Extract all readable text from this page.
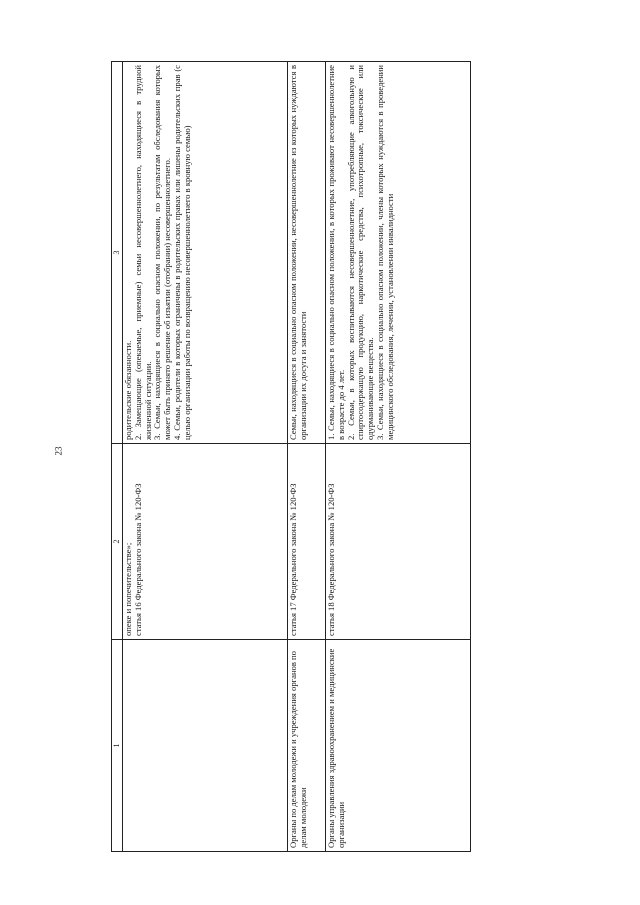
23
1	2	3

	опеке и попечительстве»; статья 16 Федерального закона № 120-ФЗ	родительские обязанности. 2. Замещающие (опекаемые, приемные) семьи несовершеннолетнего, находящиеся в трудной жизненной ситуации. 3. Семьи, находящиеся в социально опасном положении, по результатам обследования которых может быть принято решение об изъятии (отобрании) несовершеннолетнего. 4. Семьи, родители в которых ограничены в родительских правах или лишены родительских прав (с целью организации работы по возвращению несовершеннолетнего в кровную семью)

Органы по делам молодежи и учреждения органов по делам молодежи	статья 17 Федерального закона № 120-ФЗ	Семьи, находящиеся в социально опасном положении, несовершеннолетние из которых нуждаются в организации их досуга и занятости

Органы управления здравоохранением и медицинские организации	статья 18 Федерального закона № 120-ФЗ	1. Семьи, находящиеся в социально опасном положении, в которых проживают несовершеннолетние в возрасте до 4 лет. 2. Семьи, в которых воспитываются несовершеннолетние, употребляющие алкогольную и спиртосодержащую продукцию, наркотические средства, психотропные, токсические или одурманивающие вещества. 3. Семьи, находящиеся в социально опасном положении, члены которых нуждаются в проведении медицинского обследования, лечении, установлении инвалидности
